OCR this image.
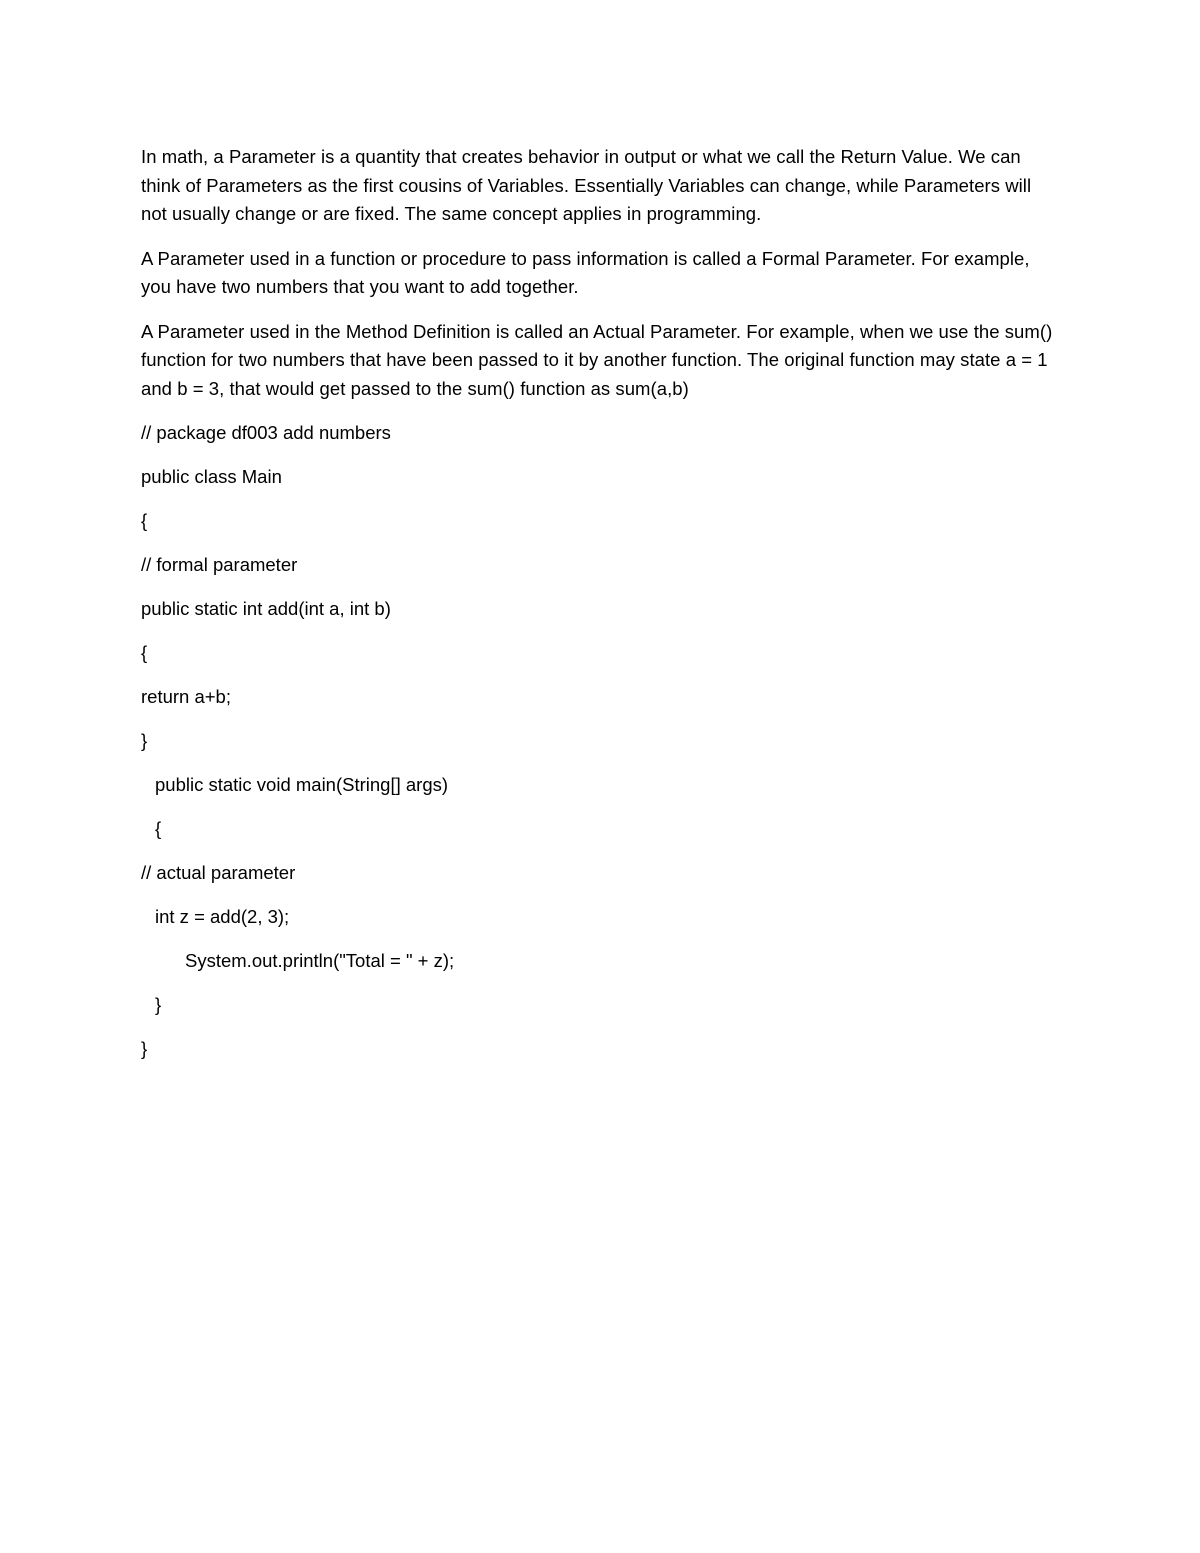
In math, a Parameter is a quantity that creates behavior in output or what we call the Return Value. We can think of Parameters as the first cousins of Variables. Essentially Variables can change, while Parameters will not usually change or are fixed. The same concept applies in programming.

A Parameter used in a function or procedure to pass information is called a Formal Parameter. For example, you have two numbers that you want to add together.

A Parameter used in the Method Definition is called an Actual Parameter. For example, when we use the sum() function for two numbers that have been passed to it by another function. The original function may state a = 1 and b = 3, that would get passed to the sum() function as sum(a,b)

// package df003 add numbers

public class Main

{

// formal parameter

public static int add(int a, int b)

{

return a+b;

}

public static void main(String[] args)

{

// actual parameter

int z = add(2, 3);

System.out.println("Total = " + z);

}

}
